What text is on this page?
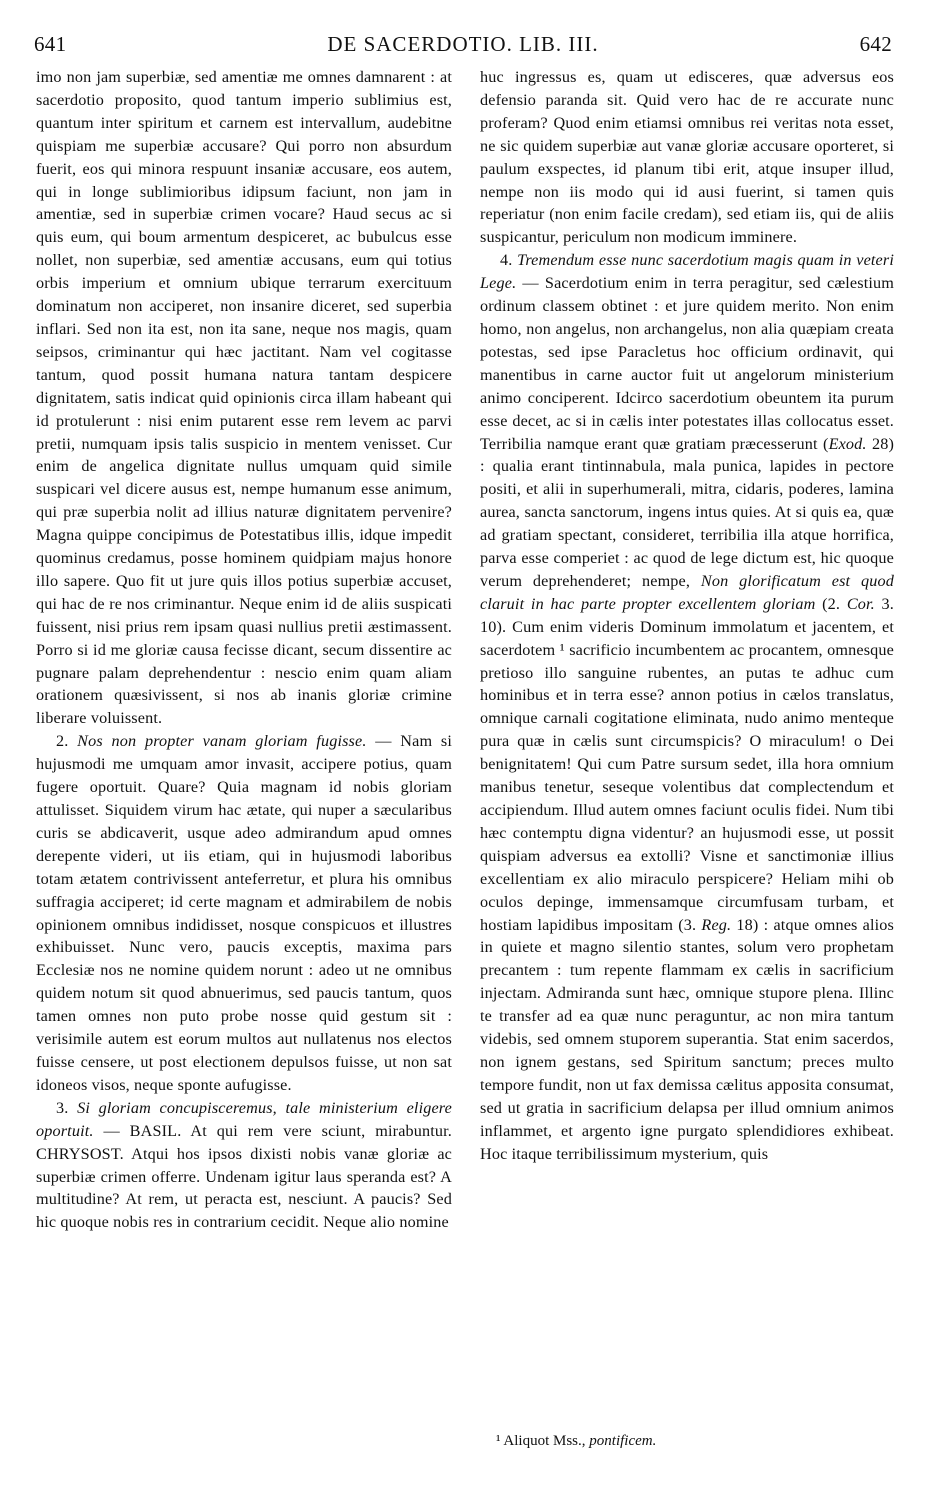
641	DE SACERDOTIO. LIB. III.	642

imo non jam superbiæ, sed amentiæ me omnes damnarent : at sacerdotio proposito, quod tantum imperio sublimius est, quantum inter spiritum et carnem est intervallum, audebitne quispiam me superbiæ accusare? Qui porro non absurdum fuerit, eos qui minora respuunt insaniæ accusare, eos autem, qui in longe sublimioribus idipsum faciunt, non jam in amentiæ, sed in superbiæ crimen vocare? Haud secus ac si quis eum, qui boum armentum despiceret, ac bubulcus esse nollet, non superbiæ, sed amentiæ accusans, eum qui totius orbis imperium et omnium ubique terrarum exercituum dominatum non acciperet, non insanire diceret, sed superbia inflari. Sed non ita est, non ita sane, neque nos magis, quam seipsos, criminantur qui hæc jactitant. Nam vel cogitasse tantum, quod possit humana natura tantam despicere dignitatem, satis indicat quid opinionis circa illam habeant qui id protulerunt : nisi enim putarent esse rem levem ac parvi pretii, numquam ipsis talis suspicio in mentem venisset. Cur enim de angelica dignitate nullus umquam quid simile suspicari vel dicere ausus est, nempe humanum esse animum, qui præ superbia nolit ad illius naturæ dignitatem pervenire? Magna quippe concipimus de Potestatibus illis, idque impedit quominus credamus, posse hominem quidpiam majus honore illo sapere. Quo fit ut jure quis illos potius superbiæ accuset, qui hac de re nos criminantur. Neque enim id de aliis suspicati fuissent, nisi prius rem ipsam quasi nullius pretii æstimassent. Porro si id me gloriæ causa fecisse dicant, secum dissentire ac pugnare palam deprehendentur : nescio enim quam aliam orationem quæsivissent, si nos ab inanis gloriæ crimine liberare voluissent.

2. Nos non propter vanam gloriam fugisse. — Nam si hujusmodi me umquam amor invasit, accipere potius, quam fugere oportuit. Quare? Quia magnam id nobis gloriam attulisset. Siquidem virum hac ætate, qui nuper a sæcularibus curis se abdicaverit, usque adeo admirandum apud omnes derepente videri, ut iis etiam, qui in hujusmodi laboribus totam ætatem contrivissent anteferretur, et plura his omnibus suffragia acciperet; id certe magnam et admirabilem de nobis opinionem omnibus indidisset, nosque conspicuos et illustres exhibuisset. Nunc vero, paucis exceptis, maxima pars Ecclesiæ nos ne nomine quidem norunt : adeo ut ne omnibus quidem notum sit quod abnuerimus, sed paucis tantum, quos tamen omnes non puto probe nosse quid gestum sit : verisimile autem est eorum multos aut nullatenus nos electos fuisse censere, ut post electionem depulsos fuisse, ut non sat idoneos visos, neque sponte aufugisse.

3. Si gloriam concupisceremus, tale ministerium eligere oportuit. — BASIL. At qui rem vere sciunt, mirabuntur. CHRYSOST. Atqui hos ipsos dixisti nobis vanæ gloriæ ac superbiæ crimen offerre. Undenam igitur laus speranda est? A multitudine? At rem, ut peracta est, nesciunt. A paucis? Sed hic quoque nobis res in contrarium cecidit. Neque alio nomine

huc ingressus es, quam ut edisceres, quæ adversus eos defensio paranda sit. Quid vero hac de re accurate nunc proferam? Quod enim etiamsi omnibus rei veritas nota esset, ne sic quidem superbiæ aut vanæ gloriæ accusare oporteret, si paulum exspectes, id planum tibi erit, atque insuper illud, nempe non iis modo qui id ausi fuerint, si tamen quis reperiatur (non enim facile credam), sed etiam iis, qui de aliis suspicantur, periculum non modicum imminere.

4. Tremendum esse nunc sacerdotium magis quam in veteri Lege. — Sacerdotium enim in terra peragitur, sed cælestium ordinum classem obtinet : et jure quidem merito. Non enim homo, non angelus, non archangelus, non alia quæpiam creata potestas, sed ipse Paracletus hoc officium ordinavit, qui manentibus in carne auctor fuit ut angelorum ministerium animo conciperent. Idcirco sacerdotium obeuntem ita purum esse decet, ac si in cælis inter potestates illas collocatus esset. Terribilia namque erant quæ gratiam præcesserunt (Exod. 28) : qualia erant tintinnabula, mala punica, lapides in pectore positi, et alii in superhumerali, mitra, cidaris, poderes, lamina aurea, sancta sanctorum, ingens intus quies. At si quis ea, quæ ad gratiam spectant, consideret, terribilia illa atque horrifica, parva esse comperiet : ac quod de lege dictum est, hic quoque verum deprehenderet; nempe, Non glorificatum est quod claruit in hac parte propter excellentem gloriam (2. Cor. 3. 10). Cum enim videris Dominum immolatum et jacentem, et sacerdotem ¹ sacrificio incumbentem ac procantem, omnesque pretioso illo sanguine rubentes, an putas te adhuc cum hominibus et in terra esse? annon potius in cælos translatus, omnique carnali cogitatione eliminata, nudo animo menteque pura quæ in cælis sunt circumspicis? O miraculum! o Dei benignitatem! Qui cum Patre sursum sedet, illa hora omnium manibus tenetur, seseque volentibus dat complectendum et accipiendum. Illud autem omnes faciunt oculis fidei. Num tibi hæc contemptu digna videntur? an hujusmodi esse, ut possit quispiam adversus ea extolli? Visne et sanctimoniæ illius excellentiam ex alio miraculo perspicere? Heliam mihi ob oculos depinge, immensamque circumfusam turbam, et hostiam lapidibus impositam (3. Reg. 18) : atque omnes alios in quiete et magno silentio stantes, solum vero prophetam precantem : tum repente flammam ex cælis in sacrificium injectam. Admiranda sunt hæc, omnique stupore plena. Illinc te transfer ad ea quæ nunc peraguntur, ac non mira tantum videbis, sed omnem stuporem superantia. Stat enim sacerdos, non ignem gestans, sed Spiritum sanctum; preces multo tempore fundit, non ut fax demissa cælitus apposita consumat, sed ut gratia in sacrificium delapsa per illud omnium animos inflammet, et argento igne purgato splendidiores exhibeat. Hoc itaque terribilissimum mysterium, quis

¹ Aliquot Mss., pontificem.
